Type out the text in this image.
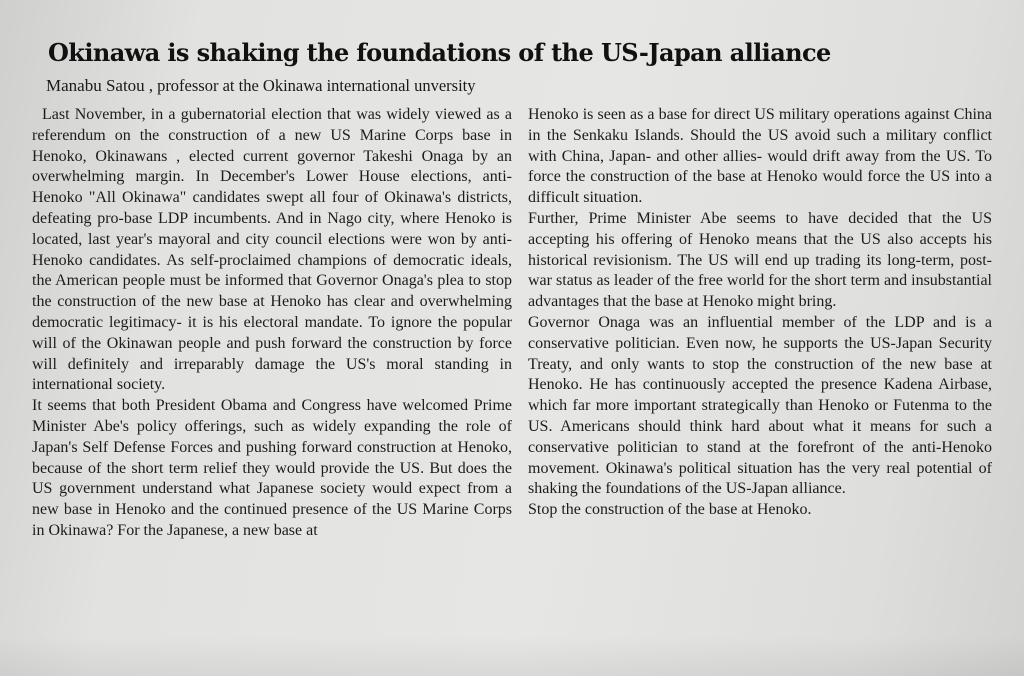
Okinawa is shaking the foundations of the US-Japan alliance
Manabu Satou , professor at the Okinawa international unversity

Last November, in a gubernatorial election that was widely viewed as a referendum on the construction of a new US Marine Corps base in Henoko, Okinawans , elected current governor Takeshi Onaga by an overwhelming margin. In December's Lower House elections, anti-Henoko "All Okinawa" candidates swept all four of Okinawa's districts, defeating pro-base LDP incumbents. And in Nago city, where Henoko is located, last year's mayoral and city council elections were won by anti-Henoko candidates. As self-proclaimed champions of democratic ideals, the American people must be informed that Governor Onaga's plea to stop the construction of the new base at Henoko has clear and overwhelming democratic legitimacy- it is his electoral mandate. To ignore the popular will of the Okinawan people and push forward the construction by force will definitely and irreparably damage the US's moral standing in international society.

It seems that both President Obama and Congress have welcomed Prime Minister Abe's policy offerings, such as widely expanding the role of Japan's Self Defense Forces and pushing forward construction at Henoko, because of the short term relief they would provide the US. But does the US government understand what Japanese society would expect from a new base in Henoko and the continued presence of the US Marine Corps in Okinawa? For the Japanese, a new base at

Henoko is seen as a base for direct US military operations against China in the Senkaku Islands. Should the US avoid such a military conflict with China, Japan- and other allies- would drift away from the US. To force the construction of the base at Henoko would force the US into a difficult situation.

Further, Prime Minister Abe seems to have decided that the US accepting his offering of Henoko means that the US also accepts his historical revisionism. The US will end up trading its long-term, post-war status as leader of the free world for the short term and insubstantial advantages that the base at Henoko might bring.

Governor Onaga was an influential member of the LDP and is a conservative politician. Even now, he supports the US-Japan Security Treaty, and only wants to stop the construction of the new base at Henoko. He has continuously accepted the presence Kadena Airbase, which far more important strategically than Henoko or Futenma to the US. Americans should think hard about what it means for such a conservative politician to stand at the forefront of the anti-Henoko movement. Okinawa's political situation has the very real potential of shaking the foundations of the US-Japan alliance.

Stop the construction of the base at Henoko.
